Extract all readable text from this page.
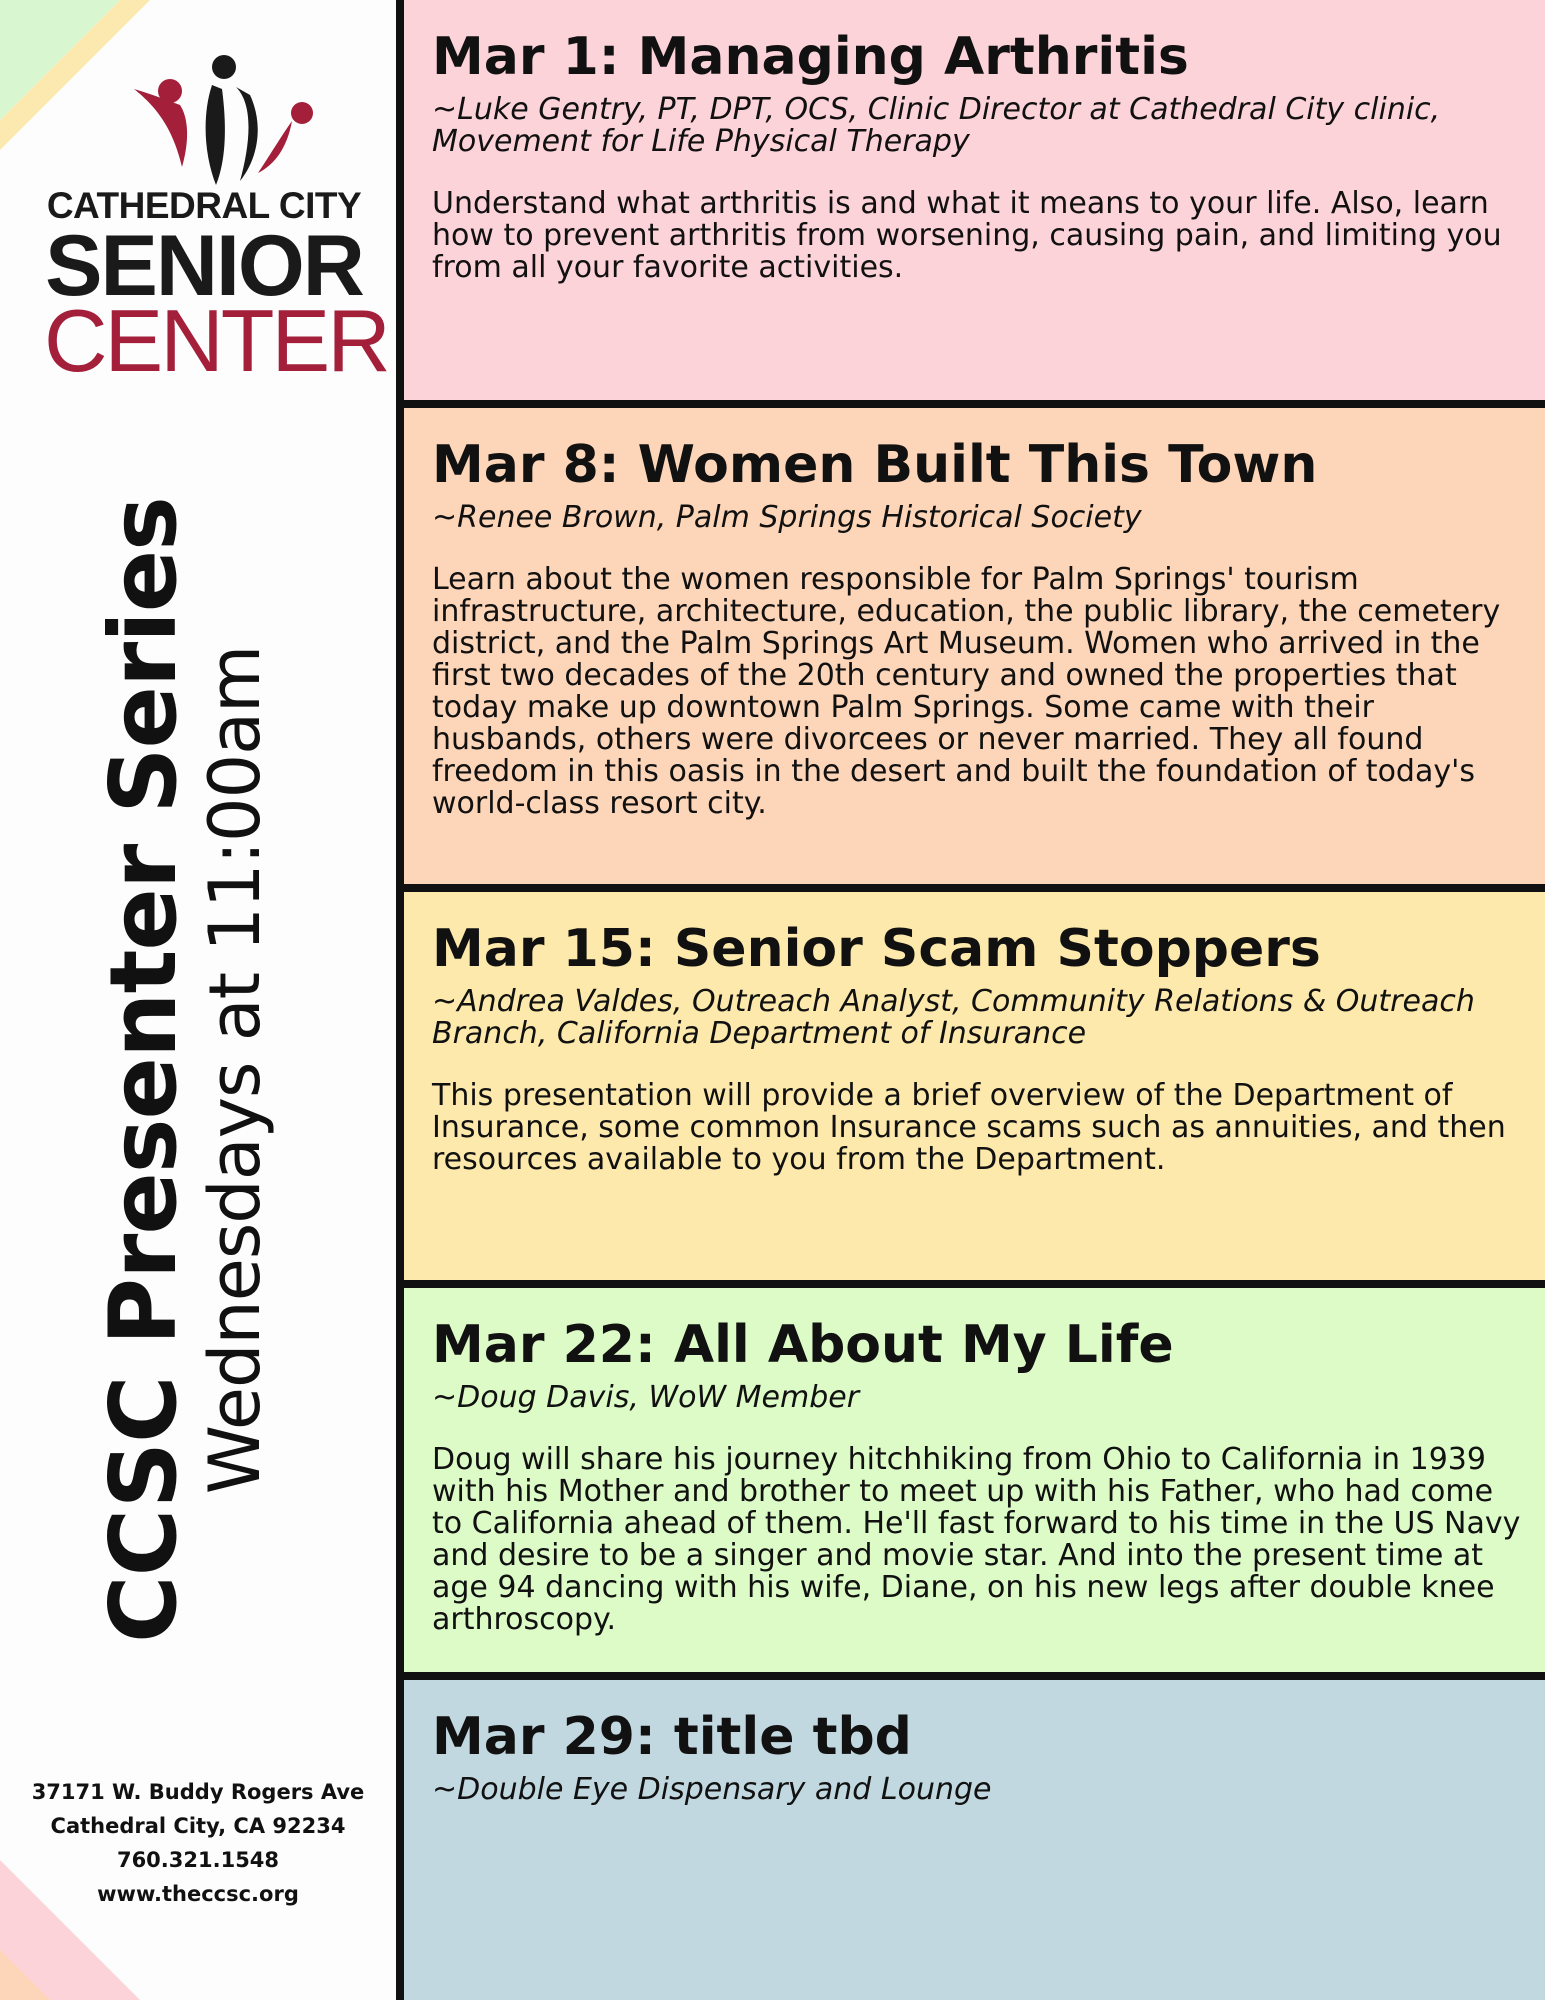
CATHEDRAL CITY
SENIOR
CENTER
CCSC Presenter Series
Wednesdays at 11:00am
37171 W. Buddy Rogers Ave
Cathedral City, CA 92234
760.321.1548
www.theccsc.org
Mar 1: Managing Arthritis

~Luke Gentry, PT, DPT, OCS, Clinic Director at Cathedral City clinic, Movement for Life Physical Therapy

Understand what arthritis is and what it means to your life. Also, learn how to prevent arthritis from worsening, causing pain, and limiting you from all your favorite activities.

Mar 8: Women Built This Town

~Renee Brown, Palm Springs Historical Society

Learn about the women responsible for Palm Springs' tourism infrastructure, architecture, education, the public library, the cemetery district, and the Palm Springs Art Museum. Women who arrived in the first two decades of the 20th century and owned the properties that today make up downtown Palm Springs. Some came with their husbands, others were divorcees or never married. They all found freedom in this oasis in the desert and built the foundation of today's world-class resort city.

Mar 15: Senior Scam Stoppers

~Andrea Valdes, Outreach Analyst, Community Relations & Outreach Branch, California Department of Insurance

This presentation will provide a brief overview of the Department of Insurance, some common Insurance scams such as annuities, and then resources available to you from the Department.

Mar 22: All About My Life

~Doug Davis, WoW Member

Doug will share his journey hitchhiking from Ohio to California in 1939 with his Mother and brother to meet up with his Father, who had come to California ahead of them. He'll fast forward to his time in the US Navy and desire to be a singer and movie star. And into the present time at age 94 dancing with his wife, Diane, on his new legs after double knee arthroscopy.

Mar 29: title tbd

~Double Eye Dispensary and Lounge
